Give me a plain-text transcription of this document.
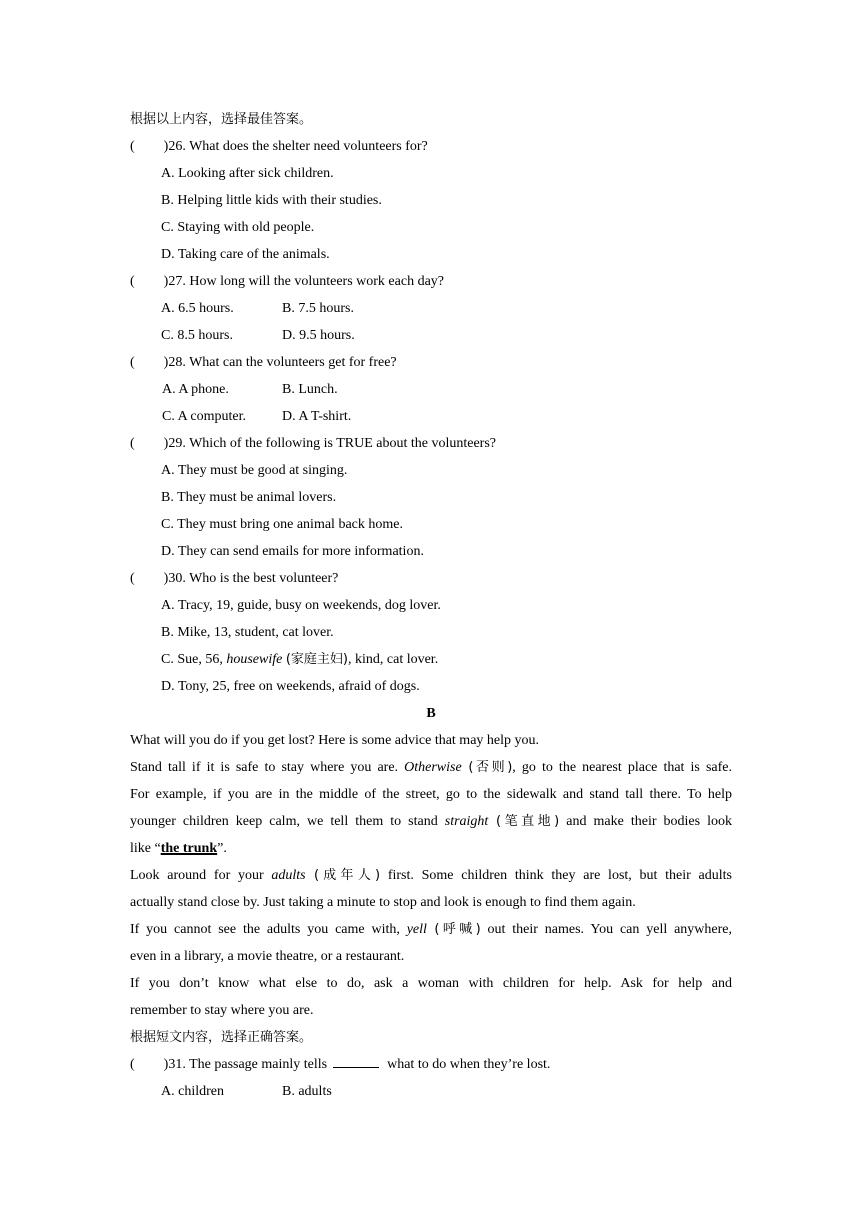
根据以上内容，选择最佳答案。
( )26. What does the shelter need volunteers for?
A. Looking after sick children.
B. Helping little kids with their studies.
C. Staying with old people.
D. Taking care of the animals.
( )27. How long will the volunteers work each day?
A. 6.5 hours.	B. 7.5 hours.
C. 8.5 hours.	D. 9.5 hours.
( )28. What can the volunteers get for free?
A. A phone.	B. Lunch.
C. A computer.	D. A T-shirt.
( )29. Which of the following is TRUE about the volunteers?
A. They must be good at singing.
B. They must be animal lovers.
C. They must bring one animal back home.
D. They can send emails for more information.
( )30. Who is the best volunteer?
A. Tracy, 19, guide, busy on weekends, dog lover.
B. Mike, 13, student, cat lover.
C. Sue, 56, housewife (家庭主妇), kind, cat lover.
D. Tony, 25, free on weekends, afraid of dogs.
B
What will you do if you get lost? Here is some advice that may help you.
Stand tall if it is safe to stay where you are. Otherwise (否则), go to the nearest place that is safe.
For example, if you are in the middle of the street, go to the sidewalk and stand tall there. To help
younger children keep calm, we tell them to stand straight (笔直地) and make their bodies look
like “the trunk”.
Look around for your adults (成年人) first. Some children think they are lost, but their adults
actually stand close by. Just taking a minute to stop and look is enough to find them again.
If you cannot see the adults you came with, yell (呼喊) out their names. You can yell anywhere,
even in a library, a movie theatre, or a restaurant.
If you don’t know what else to do, ask a woman with children for help. Ask for help and
remember to stay where you are.
根据短文内容，选择正确答案。
( )31. The passage mainly tells	what to do when they’re lost.
A. children	B. adults
